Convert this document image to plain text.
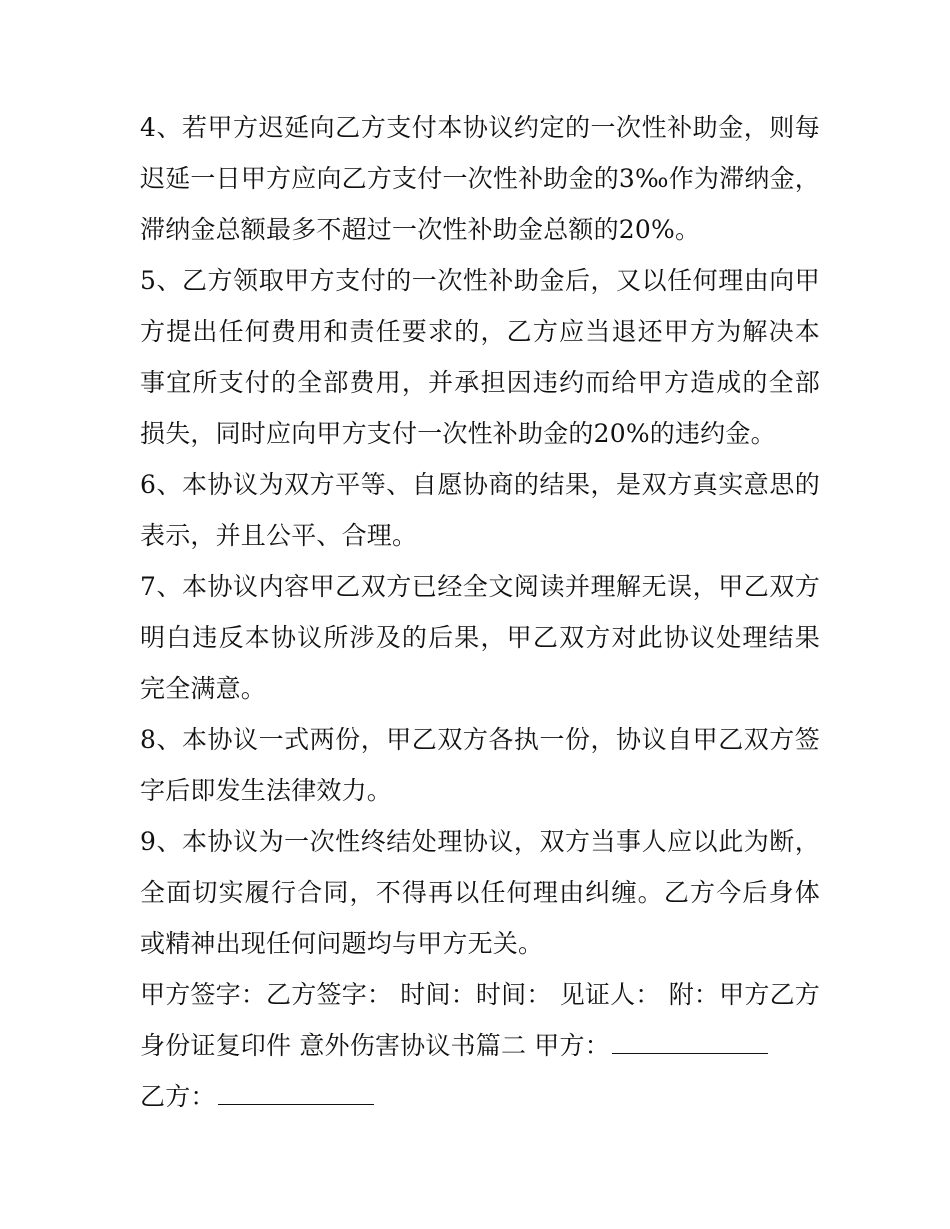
4、若甲方迟延向乙方支付本协议约定的一次性补助金，则每迟延一日甲方应向乙方支付一次性补助金的3‰作为滞纳金，滞纳金总额最多不超过一次性补助金总额的20%。

5、乙方领取甲方支付的一次性补助金后，又以任何理由向甲方提出任何费用和责任要求的，乙方应当退还甲方为解决本事宜所支付的全部费用，并承担因违约而给甲方造成的全部损失，同时应向甲方支付一次性补助金的20%的违约金。

6、本协议为双方平等、自愿协商的结果，是双方真实意思的表示，并且公平、合理。

7、本协议内容甲乙双方已经全文阅读并理解无误，甲乙双方明白违反本协议所涉及的后果，甲乙双方对此协议处理结果完全满意。

8、本协议一式两份，甲乙双方各执一份，协议自甲乙双方签字后即发生法律效力。

9、本协议为一次性终结处理协议，双方当事人应以此为断，全面切实履行合同，不得再以任何理由纠缠。乙方今后身体或精神出现任何问题均与甲方无关。

甲方签字：乙方签字： 时间：时间： 见证人： 附：甲方乙方身份证复印件 意外伤害协议书篇二 甲方：

乙方：
